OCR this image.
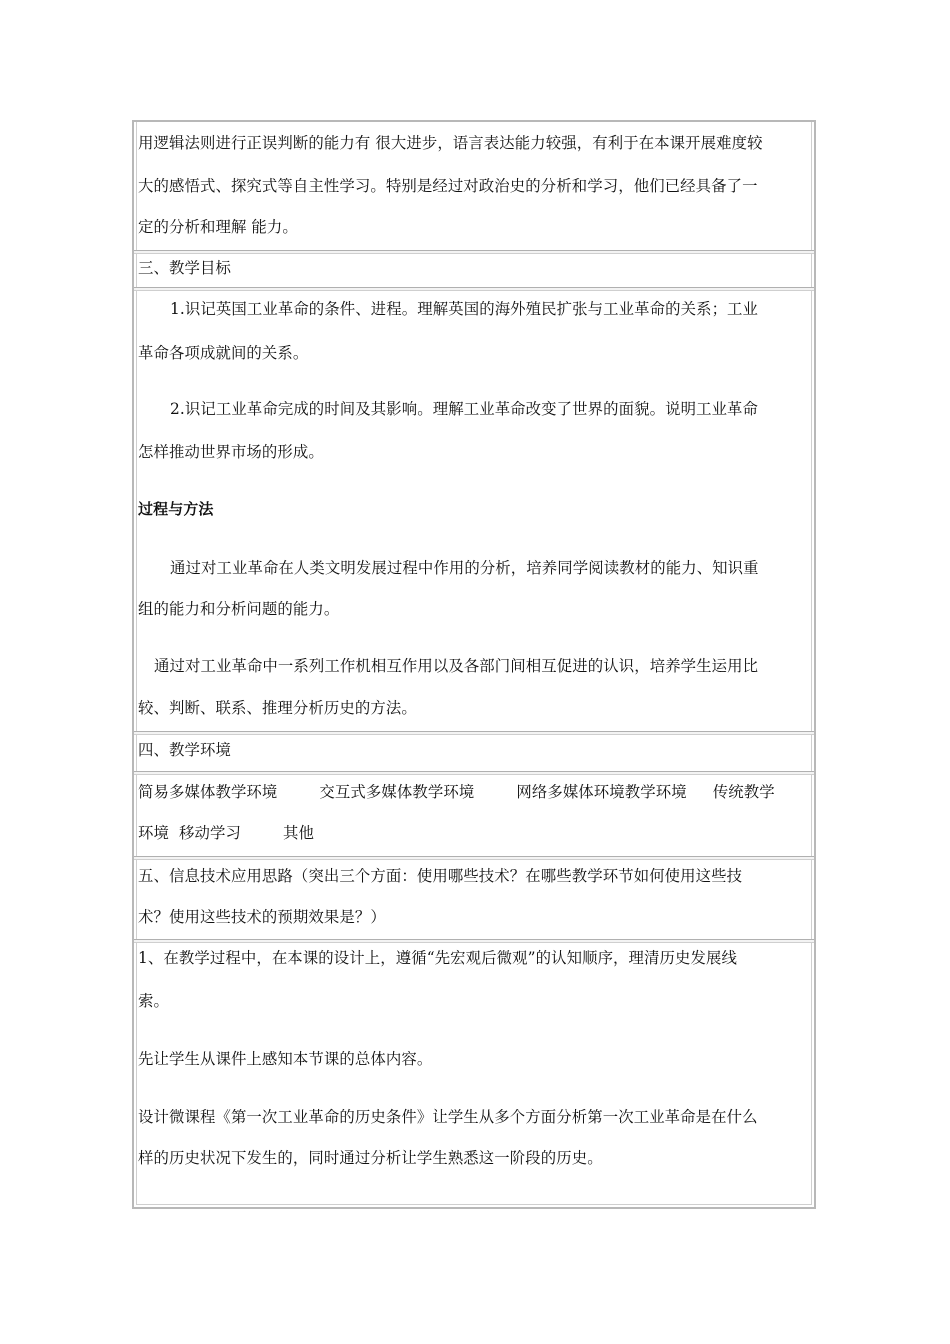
用逻辑法则进行正误判断的能力有 很大进步，语言表达能力较强，有利于在本课开展难度较
大的感悟式、探究式等自主性学习。特别是经过对政治史的分析和学习，他们已经具备了一
定的分析和理解 能力。
三、教学目标
1.识记英国工业革命的条件、进程。理解英国的海外殖民扩张与工业革命的关系；工业
革命各项成就间的关系。
2.识记工业革命完成的时间及其影响。理解工业革命改变了世界的面貌。说明工业革命
怎样推动世界市场的形成。
过程与方法
通过对工业革命在人类文明发展过程中作用的分析，培养同学阅读教材的能力、知识重
组的能力和分析问题的能力。
通过对工业革命中一系列工作机相互作用以及各部门间相互促进的认识，培养学生运用比
较、判断、联系、推理分析历史的方法。
四、教学环境
简易多媒体教学环境	交互式多媒体教学环境	网络多媒体环境教学环境 传统教学
环境 移动学习	其他
五、信息技术应用思路（突出三个方面：使用哪些技术？在哪些教学环节如何使用这些技
术？使用这些技术的预期效果是？）
1、在教学过程中，在本课的设计上，遵循“先宏观后微观”的认知顺序，理清历史发展线
索。
先让学生从课件上感知本节课的总体内容。
设计微课程《第一次工业革命的历史条件》让学生从多个方面分析第一次工业革命是在什么
样的历史状况下发生的，同时通过分析让学生熟悉这一阶段的历史。
